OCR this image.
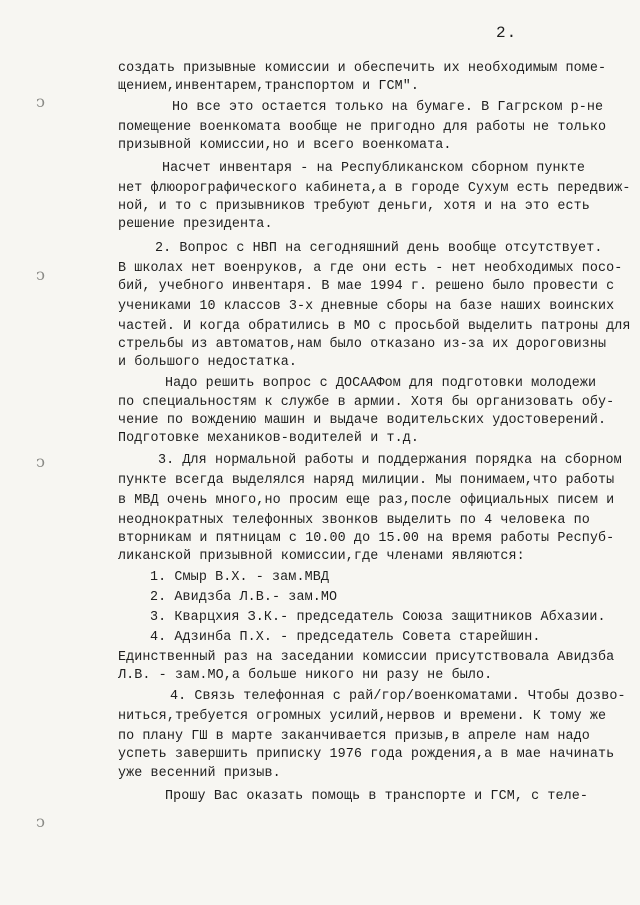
2.
ↄ
ↄ
ↄ
ↄ
создать призывные комиссии и обеспечить их необходимым поме-
щением,инвентарем,транспортом и ГСМ".
Но все это остается только на бумаге. В Гагрском р-не
помещение военкомата вообще не пригодно для работы не только
призывной комиссии,но и всего военкомата.
Насчет инвентаря - на Республиканском сборном пункте
нет флюорографического кабинета,а в городе Сухум есть передвиж-
ной, и то с призывников требуют деньги, хотя и на это есть
решение президента.
2. Вопрос с НВП на сегодняшний день вообще отсутствует.
В школах нет военруков, а где они есть - нет необходимых посо-
бий, учебного инвентаря. В мае 1994 г. решено было провести с
учениками 10 классов 3-х дневные сборы на базе наших воинских
частей. И когда обратились в МО с просьбой выделить патроны для
стрельбы из автоматов,нам было отказано из-за их дороговизны
и большого недостатка.
Надо решить вопрос с ДОСААФом для подготовки молодежи
по специальностям к службе в армии. Хотя бы организовать обу-
чение по вождению машин и выдаче водительских удостоверений.
Подготовке механиков-водителей и т.д.
3. Для нормальной работы и поддержания порядка на сборном
пункте всегда выделялся наряд милиции. Мы понимаем,что работы
в МВД очень много,но просим еще раз,после официальных писем и
неоднократных телефонных звонков выделить по 4 человека по
вторникам и пятницам с 10.00 до 15.00 на время работы Респуб-
ликанской призывной комиссии,где членами являются:
1. Смыр В.Х. - зам.МВД
2. Авидзба Л.В.- зам.МО
3. Кварцхия З.К.- председатель Союза защитников Абхазии.
4. Адзинба П.Х. - председатель Совета старейшин.
Единственный раз на заседании комиссии присутствовала Авидзба
Л.В. - зам.МО,а больше никого ни разу не было.
4. Связь телефонная с рай/гор/военкоматами. Чтобы дозво-
ниться,требуется огромных усилий,нервов и времени. К тому же
по плану ГШ в марте заканчивается призыв,в апреле нам надо
успеть завершить приписку 1976 года рождения,а в мае начинать
уже весенний призыв.
Прошу Вас оказать помощь в транспорте и ГСМ, с теле-
